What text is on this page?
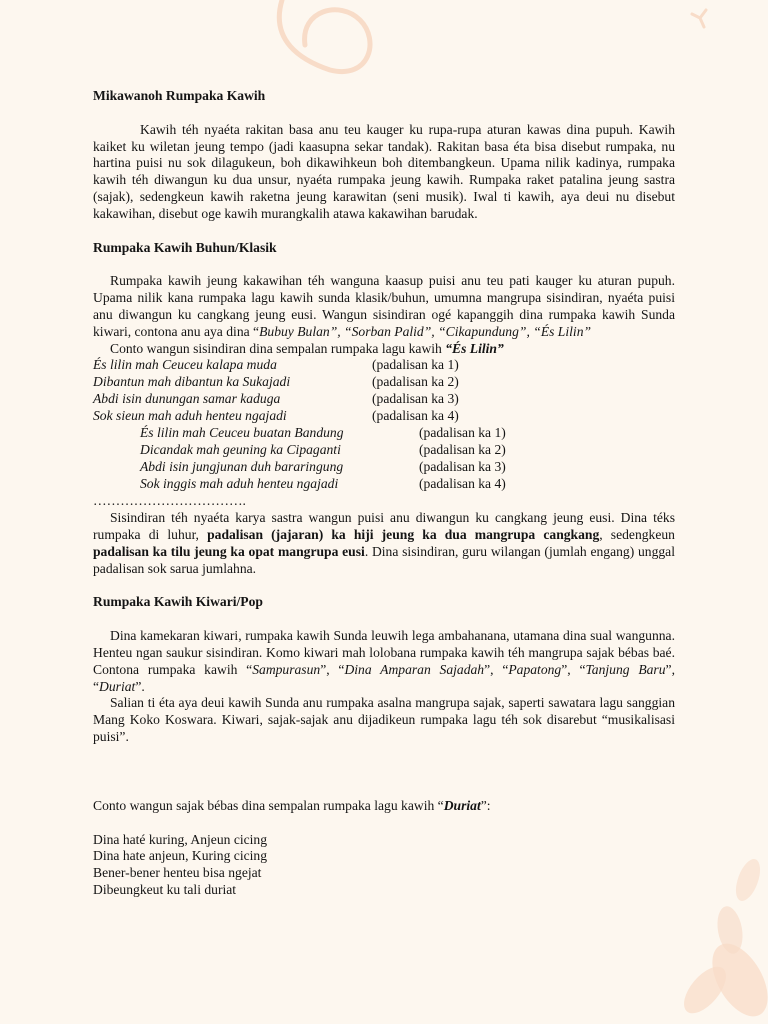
Mikawanoh Rumpaka Kawih

Kawih téh nyaéta rakitan basa anu teu kauger ku rupa-rupa aturan kawas dina pupuh. Kawih kaiket ku wiletan jeung tempo (jadi kaasupna sekar tandak). Rakitan basa éta bisa disebut rumpaka, nu hartina puisi nu sok dilagukeun, boh dikawihkeun boh ditembangkeun. Upama nilik kadinya, rumpaka kawih téh diwangun ku dua unsur, nyaéta rumpaka jeung kawih. Rumpaka raket patalina jeung sastra (sajak), sedengkeun kawih raketna jeung karawitan (seni musik). Iwal ti kawih, aya deui nu disebut kakawihan, disebut oge kawih murangkalih atawa kakawihan barudak.

Rumpaka Kawih Buhun/Klasik

Rumpaka kawih jeung kakawihan téh wanguna kaasup puisi anu teu pati kauger ku aturan pupuh. Upama nilik kana rumpaka lagu kawih sunda klasik/buhun, umumna mangrupa sisindiran, nyaéta puisi anu diwangun ku cangkang jeung eusi. Wangun sisindiran ogé kapanggih dina rumpaka kawih Sunda kiwari, contona anu aya dina “Bubuy Bulan”, “Sorban Palid”, “Cikapundung”, “És Lilin”

Conto wangun sisindiran dina sempalan rumpaka lagu kawih “És Lilin”

És lilin mah Ceuceu kalapa muda	(padalisan ka 1)
Dibantun mah dibantun ka Sukajadi	(padalisan ka 2)
Abdi isin dunungan samar kaduga	(padalisan ka 3)
Sok sieun mah aduh henteu ngajadi	(padalisan ka 4)
És lilin mah Ceuceu buatan Bandung	(padalisan ka 1)
Dicandak mah geuning ka Cipaganti	(padalisan ka 2)
Abdi isin jungjunan duh bararingung	(padalisan ka 3)
Sok inggis mah aduh henteu ngajadi	(padalisan ka 4)
…………………………….

Sisindiran téh nyaéta karya sastra wangun puisi anu diwangun ku cangkang jeung eusi. Dina téks rumpaka di luhur, padalisan (jajaran) ka hiji jeung ka dua mangrupa cangkang, sedengkeun padalisan ka tilu jeung ka opat mangrupa eusi. Dina sisindiran, guru wilangan (jumlah engang) unggal padalisan sok sarua jumlahna.

Rumpaka Kawih Kiwari/Pop

Dina kamekaran kiwari, rumpaka kawih Sunda leuwih lega ambahanana, utamana dina sual wangunna. Henteu ngan saukur sisindiran. Komo kiwari mah lolobana rumpaka kawih téh mangrupa sajak bébas baé. Contona rumpaka kawih “Sampurasun”, “Dina Amparan Sajadah”, “Papatong”, “Tanjung Baru”, “Duriat”.

Salian ti éta aya deui kawih Sunda anu rumpaka asalna mangrupa sajak, saperti sawatara lagu sanggian Mang Koko Koswara. Kiwari, sajak-sajak anu dijadikeun rumpaka lagu téh sok disarebut “musikalisasi puisi”.

Conto wangun sajak bébas dina sempalan rumpaka lagu kawih “Duriat”:

Dina haté kuring, Anjeun cicing
Dina hate anjeun, Kuring cicing
Bener-bener henteu bisa ngejat
Dibeungkeut ku tali duriat
